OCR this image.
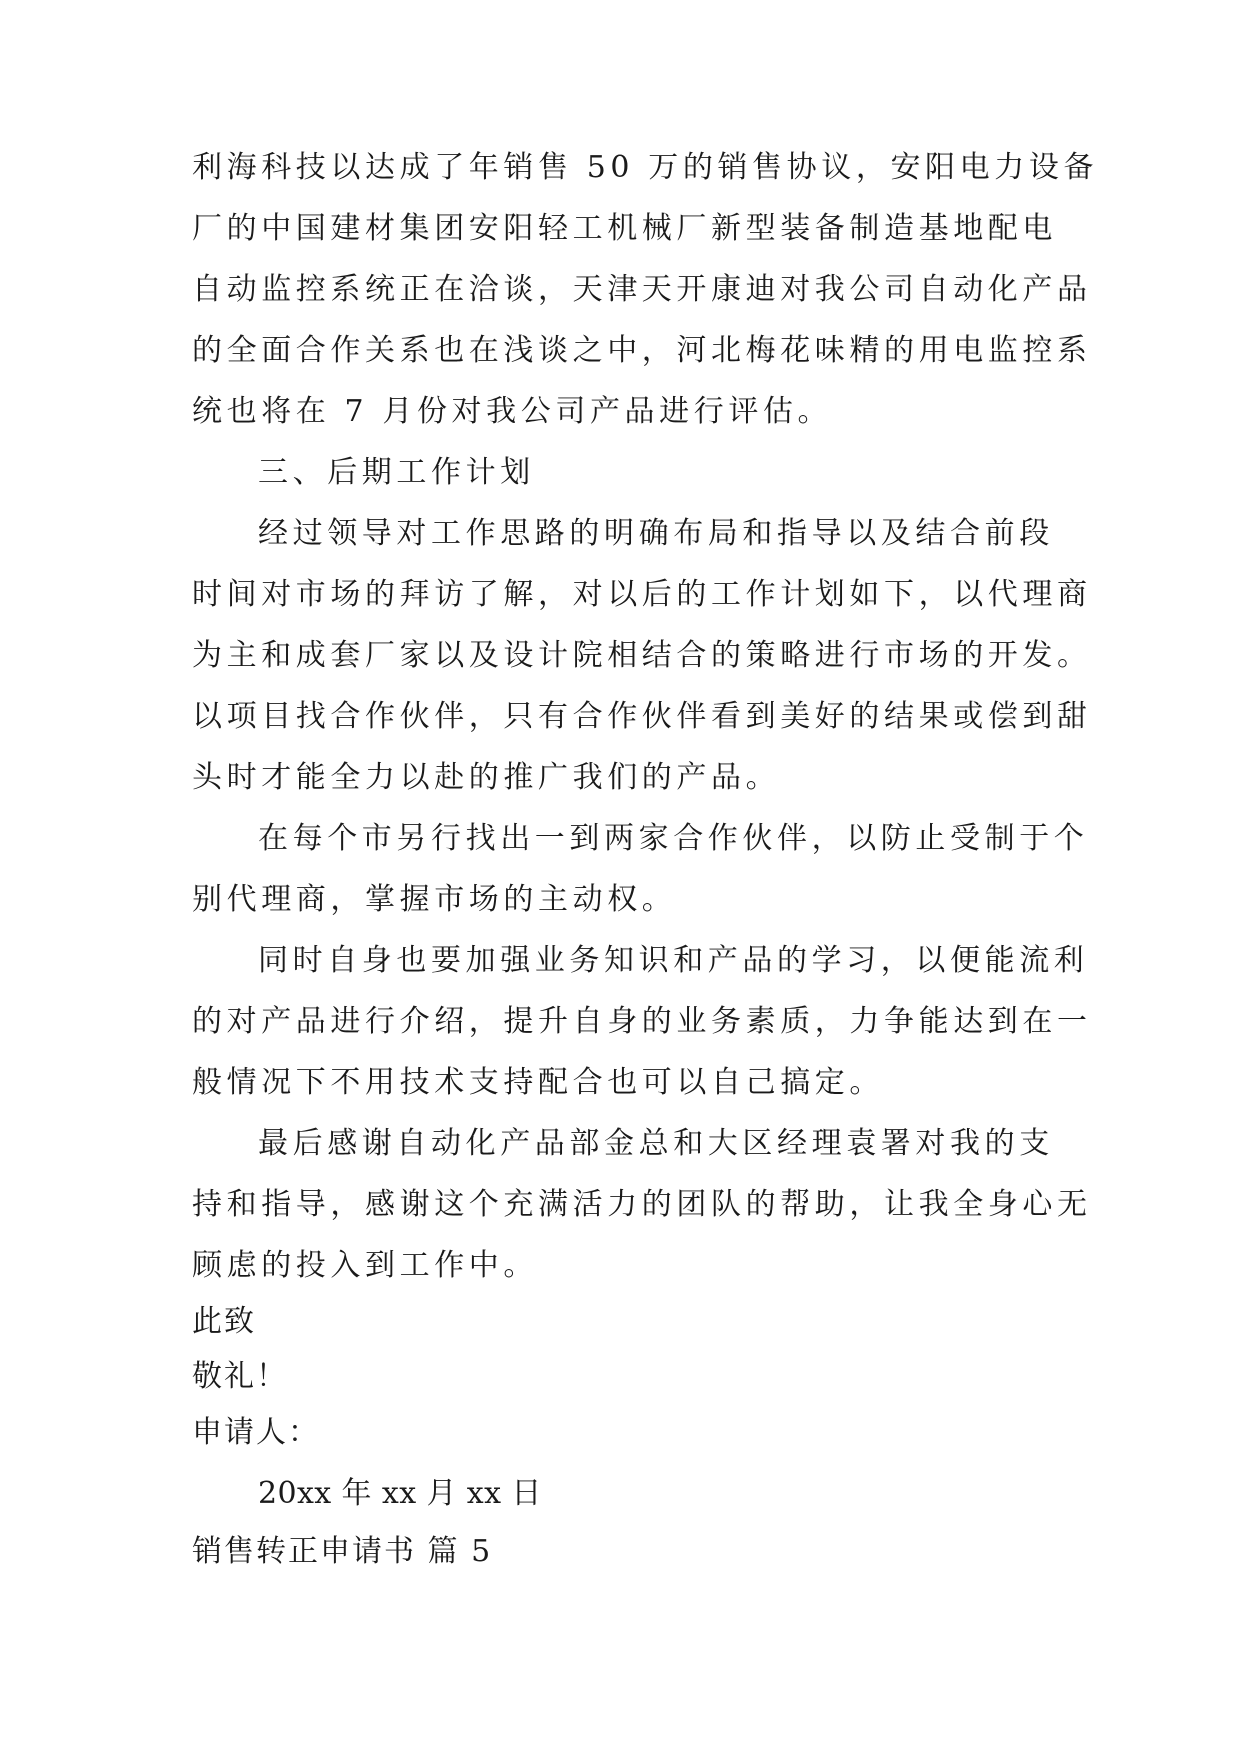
利海科技以达成了年销售 50 万的销售协议，安阳电力设备
厂的中国建材集团安阳轻工机械厂新型装备制造基地配电
自动监控系统正在洽谈，天津天开康迪对我公司自动化产品
的全面合作关系也在浅谈之中，河北梅花味精的用电监控系
统也将在 7 月份对我公司产品进行评估。
三、后期工作计划
经过领导对工作思路的明确布局和指导以及结合前段
时间对市场的拜访了解，对以后的工作计划如下，以代理商
为主和成套厂家以及设计院相结合的策略进行市场的开发。
以项目找合作伙伴，只有合作伙伴看到美好的结果或偿到甜
头时才能全力以赴的推广我们的产品。
在每个市另行找出一到两家合作伙伴，以防止受制于个
别代理商，掌握市场的主动权。
同时自身也要加强业务知识和产品的学习，以便能流利
的对产品进行介绍，提升自身的业务素质，力争能达到在一
般情况下不用技术支持配合也可以自己搞定。
最后感谢自动化产品部金总和大区经理袁署对我的支
持和指导，感谢这个充满活力的团队的帮助，让我全身心无
顾虑的投入到工作中。
此致
敬礼！
申请人：
20xx 年 xx 月 xx 日
销售转正申请书 篇 5
